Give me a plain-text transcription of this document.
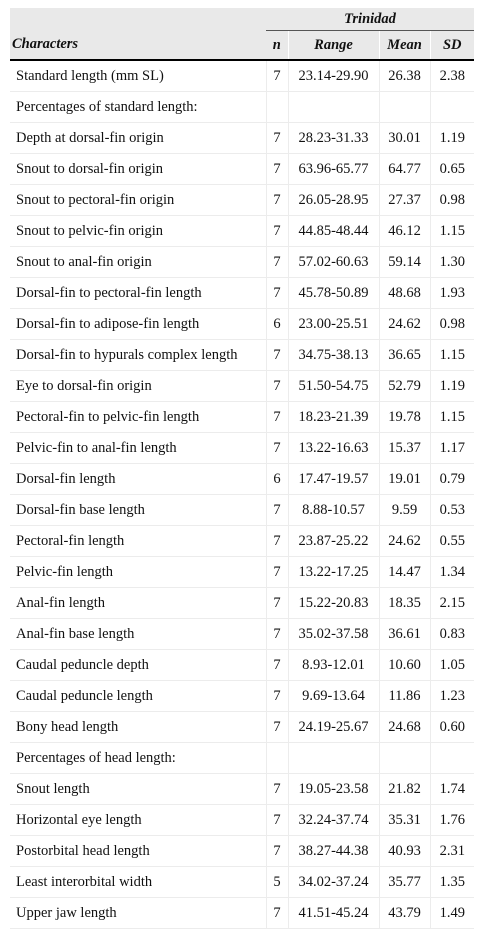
	Trinidad			
Characters	n	Range	Mean	SD
Standard length (mm SL)	7	23.14-29.90	26.38	2.38
Percentages of standard length:				
Depth at dorsal-fin origin	7	28.23-31.33	30.01	1.19
Snout to dorsal-fin origin	7	63.96-65.77	64.77	0.65
Snout to pectoral-fin origin	7	26.05-28.95	27.37	0.98
Snout to pelvic-fin origin	7	44.85-48.44	46.12	1.15
Snout to anal-fin origin	7	57.02-60.63	59.14	1.30
Dorsal-fin to pectoral-fin length	7	45.78-50.89	48.68	1.93
Dorsal-fin to adipose-fin length	6	23.00-25.51	24.62	0.98
Dorsal-fin to hypurals complex length	7	34.75-38.13	36.65	1.15
Eye to dorsal-fin origin	7	51.50-54.75	52.79	1.19
Pectoral-fin to pelvic-fin length	7	18.23-21.39	19.78	1.15
Pelvic-fin to anal-fin length	7	13.22-16.63	15.37	1.17
Dorsal-fin length	6	17.47-19.57	19.01	0.79
Dorsal-fin base length	7	8.88-10.57	9.59	0.53
Pectoral-fin length	7	23.87-25.22	24.62	0.55
Pelvic-fin length	7	13.22-17.25	14.47	1.34
Anal-fin length	7	15.22-20.83	18.35	2.15
Anal-fin base length	7	35.02-37.58	36.61	0.83
Caudal peduncle depth	7	8.93-12.01	10.60	1.05
Caudal peduncle length	7	9.69-13.64	11.86	1.23
Bony head length	7	24.19-25.67	24.68	0.60
Percentages of head length:				
Snout length	7	19.05-23.58	21.82	1.74
Horizontal eye length	7	32.24-37.74	35.31	1.76
Postorbital head length	7	38.27-44.38	40.93	2.31
Least interorbital width	5	34.02-37.24	35.77	1.35
Upper jaw length	7	41.51-45.24	43.79	1.49
